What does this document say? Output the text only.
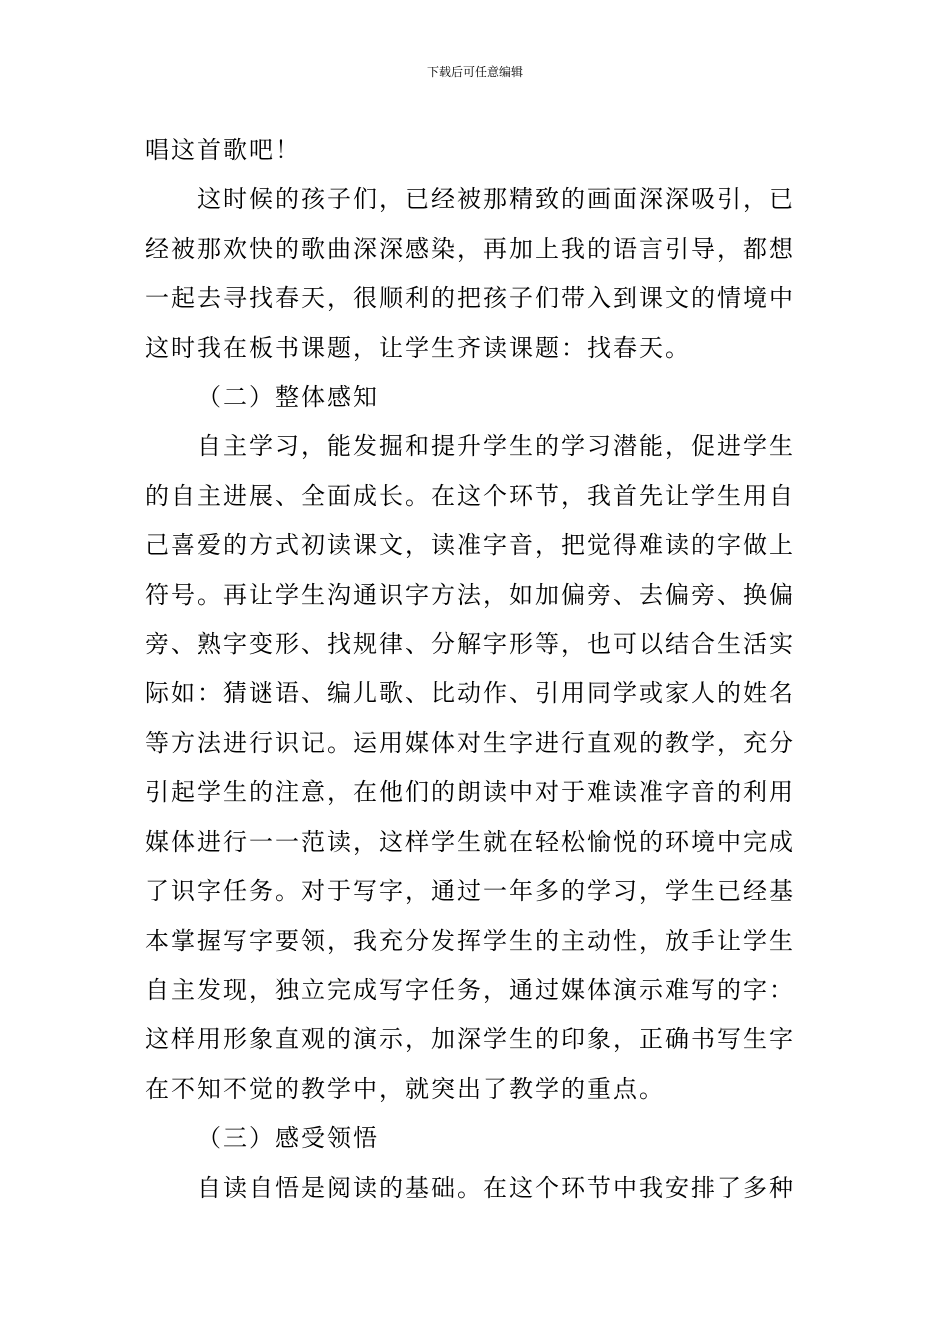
下载后可任意编辑

唱这首歌吧！

这时候的孩子们，已经被那精致的画面深深吸引，已经被那欢快的歌曲深深感染，再加上我的语言引导，都想一起去寻找春天，很顺利的把孩子们带入到课文的情境中这时我在板书课题，让学生齐读课题：找春天。

（二）整体感知

自主学习，能发掘和提升学生的学习潜能，促进学生的自主进展、全面成长。在这个环节，我首先让学生用自己喜爱的方式初读课文，读准字音，把觉得难读的字做上符号。再让学生沟通识字方法，如加偏旁、去偏旁、换偏旁、熟字变形、找规律、分解字形等，也可以结合生活实际如：猜谜语、编儿歌、比动作、引用同学或家人的姓名等方法进行识记。运用媒体对生字进行直观的教学，充分引起学生的注意，在他们的朗读中对于难读准字音的利用媒体进行一一范读，这样学生就在轻松愉悦的环境中完成了识字任务。对于写字，通过一年多的学习，学生已经基本掌握写字要领，我充分发挥学生的主动性，放手让学生自主发现，独立完成写字任务，通过媒体演示难写的字：这样用形象直观的演示，加深学生的印象，正确书写生字在不知不觉的教学中，就突出了教学的重点。

（三）感受领悟

自读自悟是阅读的基础。在这个环节中我安排了多种
